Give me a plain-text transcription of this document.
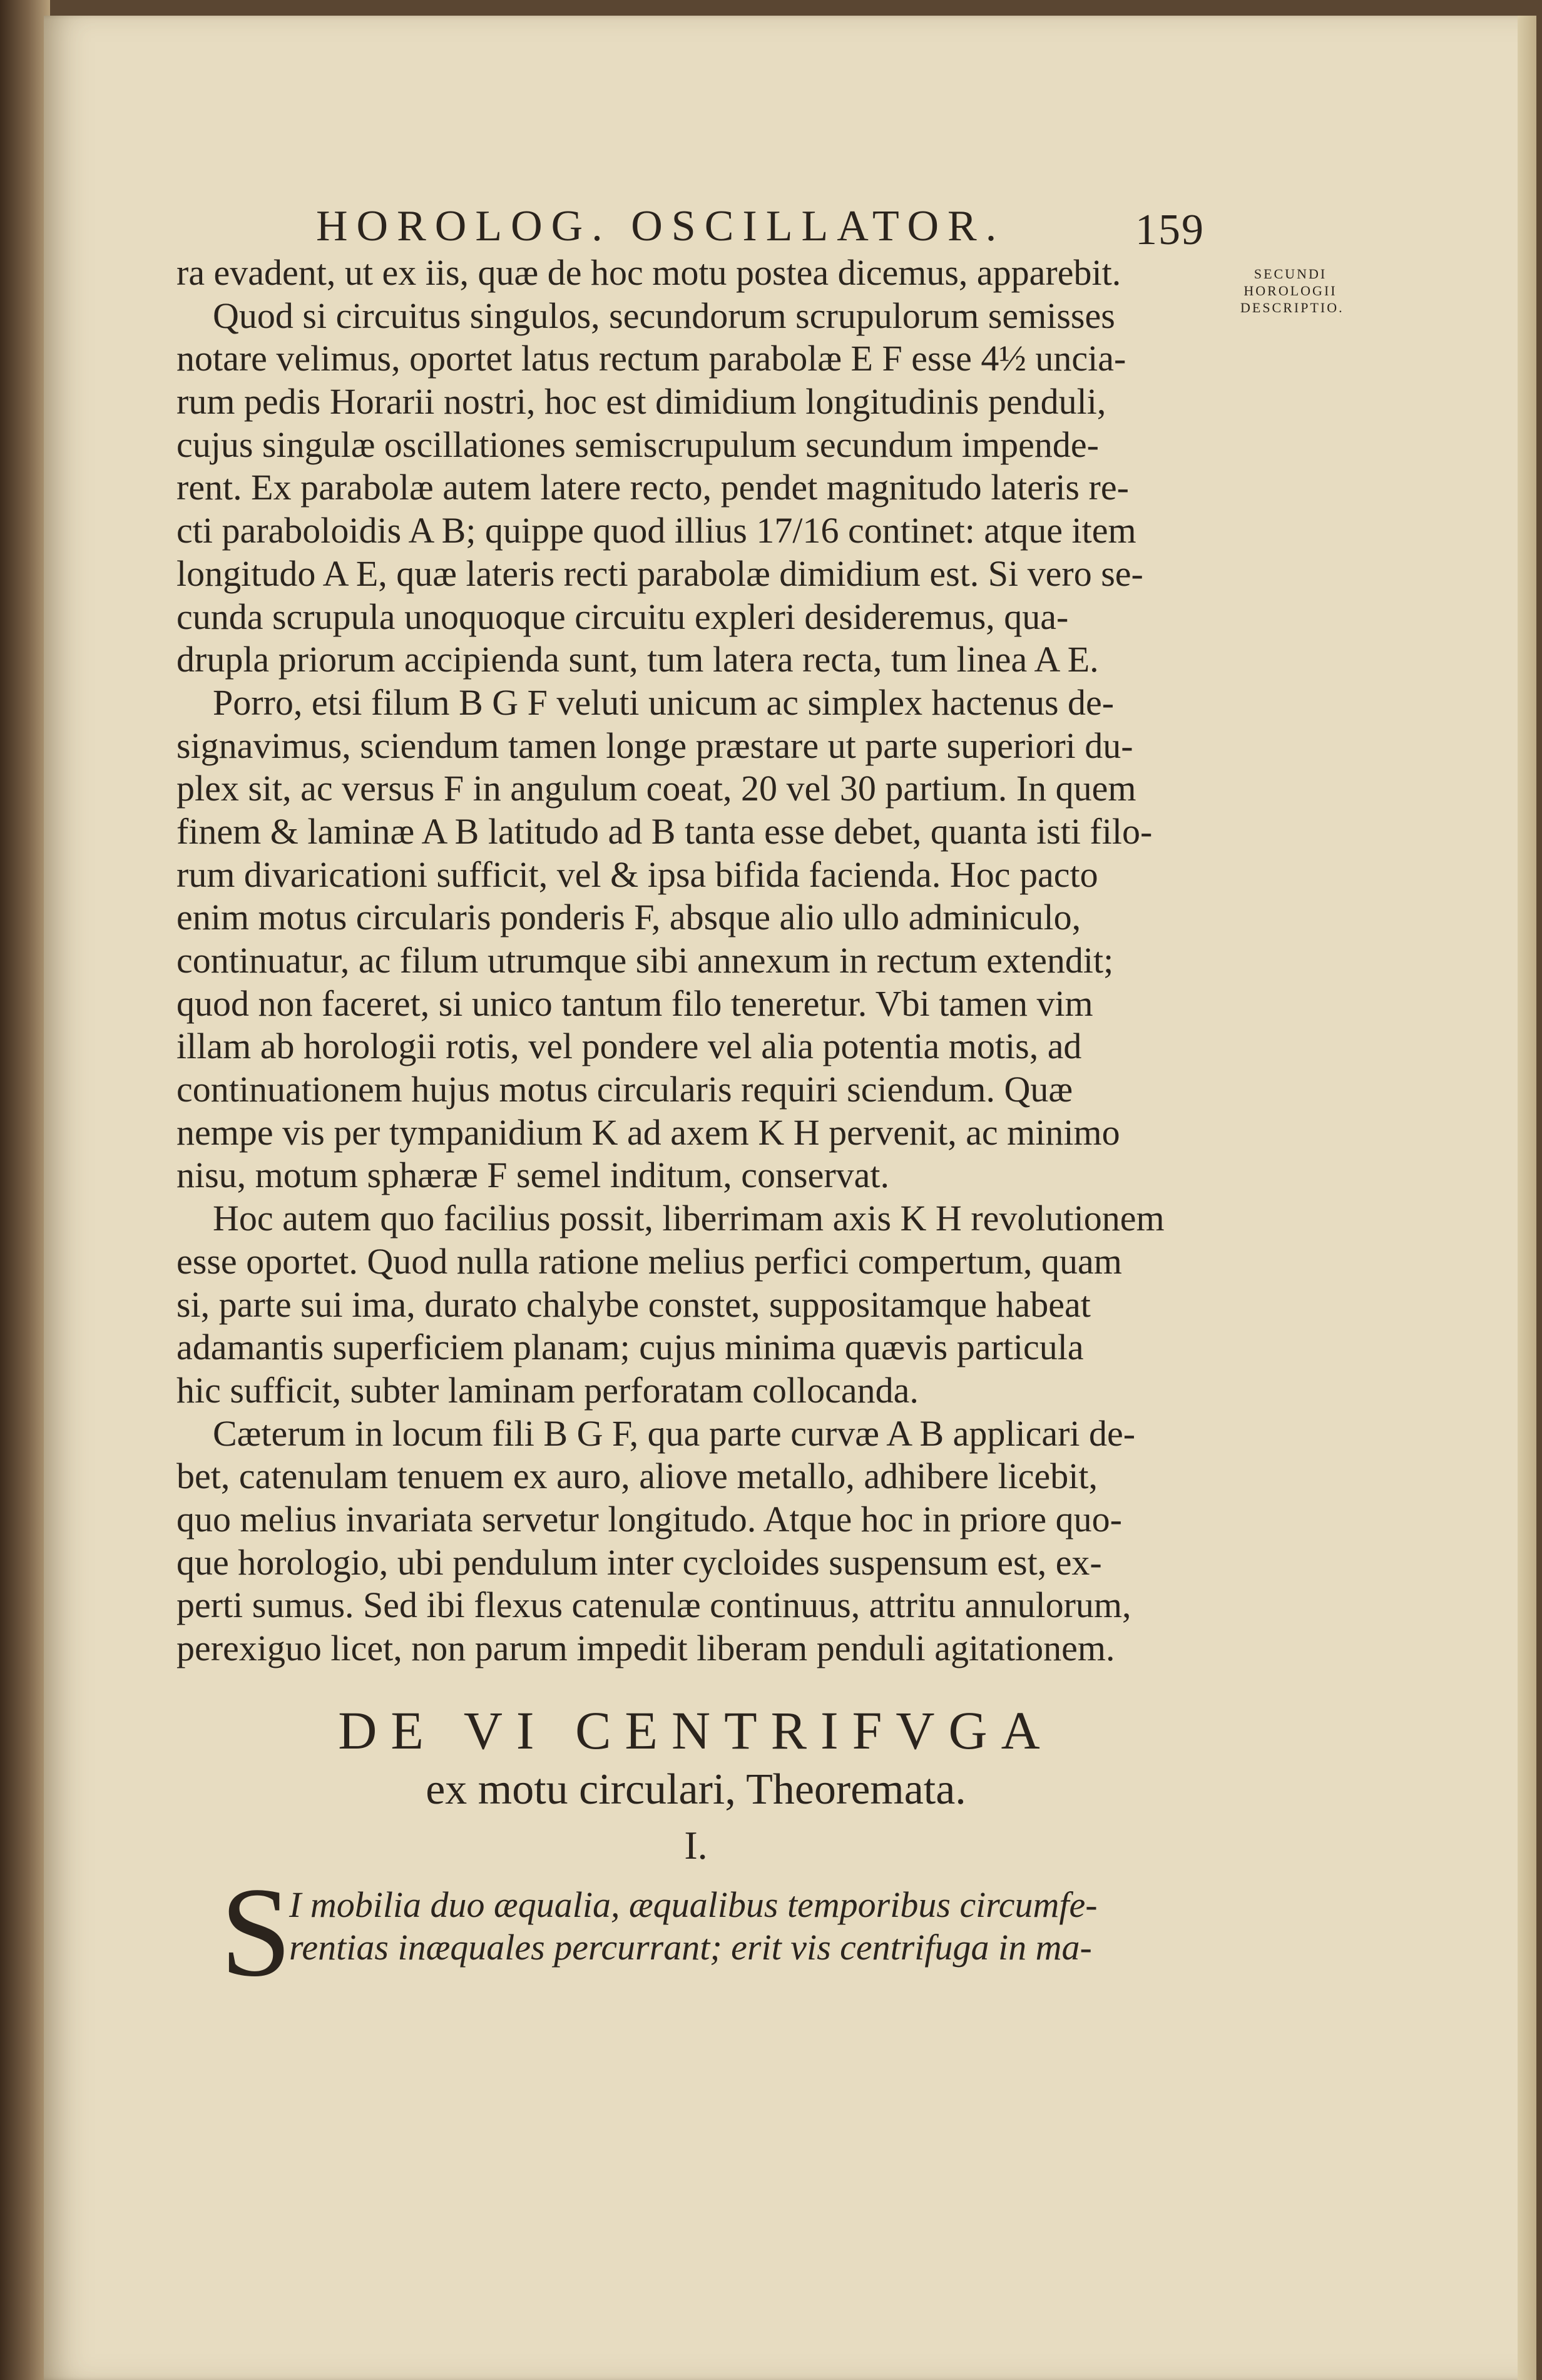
HOROLOG. OSCILLATOR.	159
SECUNDI
HOROLOGII
DESCRIPTIO.
ra evadent, ut ex iis, quæ de hoc motu postea dicemus, apparebit.
Quod si circuitus singulos, secundorum scrupulorum semisses
notare velimus, oportet latus rectum parabolæ E F esse 4½ uncia-
rum pedis Horarii nostri, hoc est dimidium longitudinis penduli,
cujus singulæ oscillationes semiscrupulum secundum impende-
rent. Ex parabolæ autem latere recto, pendet magnitudo lateris re-
cti paraboloidis A B; quippe quod illius 17/16 continet: atque item
longitudo A E, quæ lateris recti parabolæ dimidium est. Si vero se-
cunda scrupula unoquoque circuitu expleri desideremus, qua-
drupla priorum accipienda sunt, tum latera recta, tum linea A E.
Porro, etsi filum B G F veluti unicum ac simplex hactenus de-
signavimus, sciendum tamen longe præstare ut parte superiori du-
plex sit, ac versus F in angulum coeat, 20 vel 30 partium. In quem
finem & laminæ A B latitudo ad B tanta esse debet, quanta isti filo-
rum divaricationi sufficit, vel & ipsa bifida facienda. Hoc pacto
enim motus circularis ponderis F, absque alio ullo adminiculo,
continuatur, ac filum utrumque sibi annexum in rectum extendit;
quod non faceret, si unico tantum filo teneretur. Vbi tamen vim
illam ab horologii rotis, vel pondere vel alia potentia motis, ad
continuationem hujus motus circularis requiri sciendum. Quæ
nempe vis per tympanidium K ad axem K H pervenit, ac minimo
nisu, motum sphæræ F semel inditum, conservat.
Hoc autem quo facilius possit, liberrimam axis K H revolutionem
esse oportet. Quod nulla ratione melius perfici compertum, quam
si, parte sui ima, durato chalybe constet, suppositamque habeat
adamantis superficiem planam; cujus minima quævis particula
hic sufficit, subter laminam perforatam collocanda.
Cæterum in locum fili B G F, qua parte curvæ A B applicari de-
bet, catenulam tenuem ex auro, aliove metallo, adhibere licebit,
quo melius invariata servetur longitudo. Atque hoc in priore quo-
que horologio, ubi pendulum inter cycloides suspensum est, ex-
perti sumus. Sed ibi flexus catenulæ continuus, attritu annulorum,
perexiguo licet, non parum impedit liberam penduli agitationem.
DE VI CENTRIFVGA
ex motu circulari, Theoremata.
I.
S
I mobilia duo æqualia, æqualibus temporibus circumfe-
rentias inæquales percurrant; erit vis centrifuga in ma-
